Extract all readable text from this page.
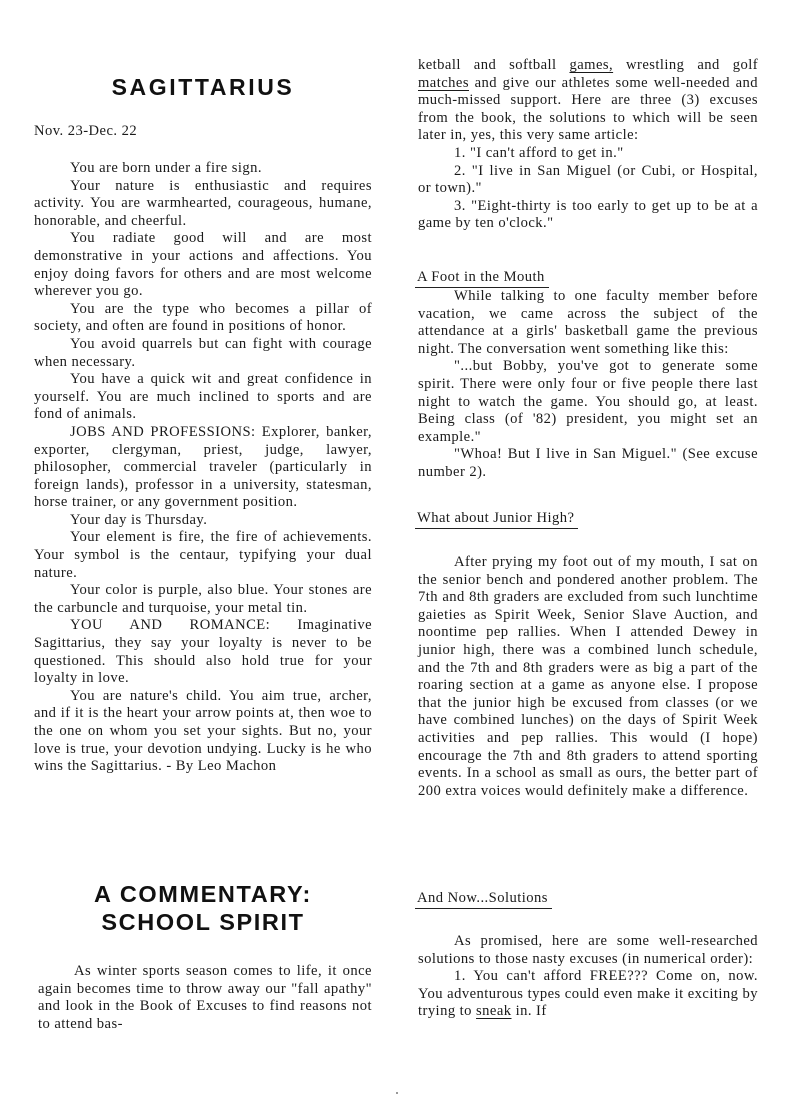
SAGITTARIUS
Nov. 23-Dec. 22

You are born under a fire sign.

Your nature is enthusiastic and requires activity. You are warmhearted, courageous, humane, honorable, and cheerful.

You radiate good will and are most demonstrative in your actions and affections. You enjoy doing favors for others and are most welcome wherever you go.

You are the type who becomes a pillar of society, and often are found in positions of honor.

You avoid quarrels but can fight with courage when necessary.

You have a quick wit and great confidence in yourself. You are much inclined to sports and are fond of animals.

JOBS AND PROFESSIONS: Explorer, banker, exporter, clergyman, priest, judge, lawyer, philosopher, commercial traveler (particularly in foreign lands), professor in a university, statesman, horse trainer, or any government position.

Your day is Thursday.

Your element is fire, the fire of achievements. Your symbol is the centaur, typifying your dual nature.

Your color is purple, also blue. Your stones are the carbuncle and turquoise, your metal tin.

YOU AND ROMANCE: Imaginative Sagittarius, they say your loyalty is never to be questioned. This should also hold true for your loyalty in love.

You are nature's child. You aim true, archer, and if it is the heart your arrow points at, then woe to the one on whom you set your sights. But no, your love is true, your devotion undying. Lucky is he who wins the Sagittarius. - By Leo Machon

A COMMENTARY:
SCHOOL SPIRIT

As winter sports season comes to life, it once again becomes time to throw away our "fall apathy" and look in the Book of Excuses to find reasons not to attend bas-

ketball and softball games, wrestling and golf matches and give our athletes some well-needed and much-missed support. Here are three (3) excuses from the book, the solutions to which will be seen later in, yes, this very same article:

1. "I can't afford to get in."

2. "I live in San Miguel (or Cubi, or Hospital, or town)."

3. "Eight-thirty is too early to get up to be at a game by ten o'clock."

A Foot in the Mouth

While talking to one faculty member before vacation, we came across the subject of the attendance at a girls' basketball game the previous night. The conversation went something like this:

"...but Bobby, you've got to generate some spirit. There were only four or five people there last night to watch the game. You should go, at least. Being class (of '82) president, you might set an example."

"Whoa! But I live in San Miguel." (See excuse number 2).

What about Junior High?

After prying my foot out of my mouth, I sat on the senior bench and pondered another problem. The 7th and 8th graders are excluded from such lunchtime gaieties as Spirit Week, Senior Slave Auction, and noontime pep rallies. When I attended Dewey in junior high, there was a combined lunch schedule, and the 7th and 8th graders were as big a part of the roaring section at a game as anyone else. I propose that the junior high be excused from classes (or we have combined lunches) on the days of Spirit Week activities and pep rallies. This would (I hope) encourage the 7th and 8th graders to attend sporting events. In a school as small as ours, the better part of 200 extra voices would definitely make a difference.

And Now...Solutions

As promised, here are some well-researched solutions to those nasty excuses (in numerical order):

1. You can't afford FREE??? Come on, now. You adventurous types could even make it exciting by trying to sneak in. If
